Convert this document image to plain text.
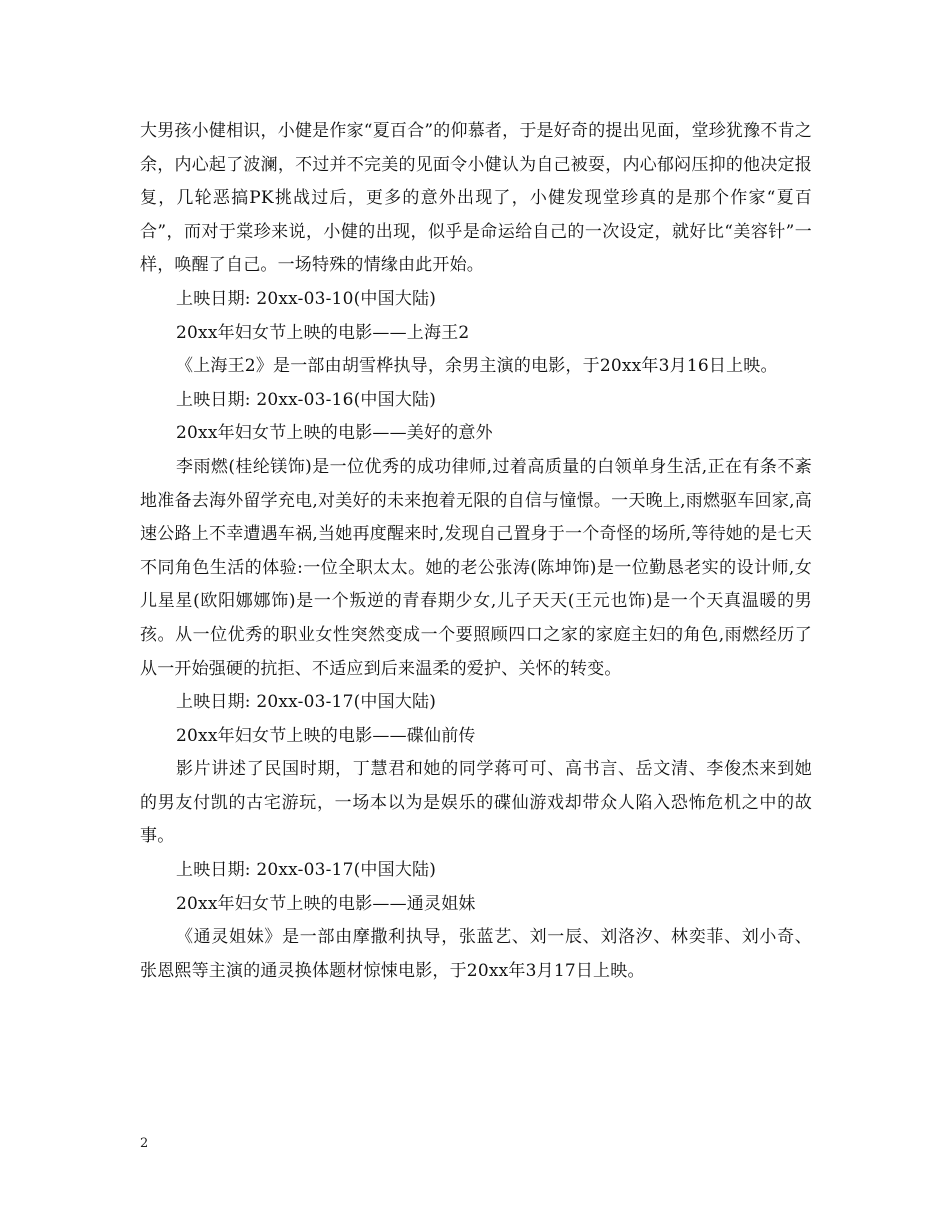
大男孩小健相识，小健是作家“夏百合”的仰慕者，于是好奇的提出见面，堂珍犹豫不肯之余，内心起了波澜，不过并不完美的见面令小健认为自己被耍，内心郁闷压抑的他决定报复，几轮恶搞PK挑战过后，更多的意外出现了，小健发现堂珍真的是那个作家“夏百合”，而对于棠珍来说，小健的出现，似乎是命运给自己的一次设定，就好比“美容针”一样，唤醒了自己。一场特殊的情缘由此开始。

上映日期: 20xx-03-10(中国大陆)

20xx年妇女节上映的电影——上海王2

《上海王2》是一部由胡雪桦执导，余男主演的电影，于20xx年3月16日上映。

上映日期: 20xx-03-16(中国大陆)

20xx年妇女节上映的电影——美好的意外

李雨燃(桂纶镁饰)是一位优秀的成功律师,过着高质量的白领单身生活,正在有条不紊地准备去海外留学充电,对美好的未来抱着无限的自信与憧憬。一天晚上,雨燃驱车回家,高速公路上不幸遭遇车祸,当她再度醒来时,发现自己置身于一个奇怪的场所,等待她的是七天不同角色生活的体验:一位全职太太。她的老公张涛(陈坤饰)是一位勤恳老实的设计师,女儿星星(欧阳娜娜饰)是一个叛逆的青春期少女,儿子天天(王元也饰)是一个天真温暖的男孩。从一位优秀的职业女性突然变成一个要照顾四口之家的家庭主妇的角色,雨燃经历了从一开始强硬的抗拒、不适应到后来温柔的爱护、关怀的转变。

上映日期: 20xx-03-17(中国大陆)

20xx年妇女节上映的电影——碟仙前传

影片讲述了民国时期，丁慧君和她的同学蒋可可、高书言、岳文清、李俊杰来到她的男友付凯的古宅游玩，一场本以为是娱乐的碟仙游戏却带众人陷入恐怖危机之中的故事。

上映日期: 20xx-03-17(中国大陆)

20xx年妇女节上映的电影——通灵姐妹

《通灵姐妹》是一部由摩撒利执导，张蓝艺、刘一辰、刘洛汐、林奕菲、刘小奇、张恩熙等主演的通灵换体题材惊悚电影，于20xx年3月17日上映。

2
